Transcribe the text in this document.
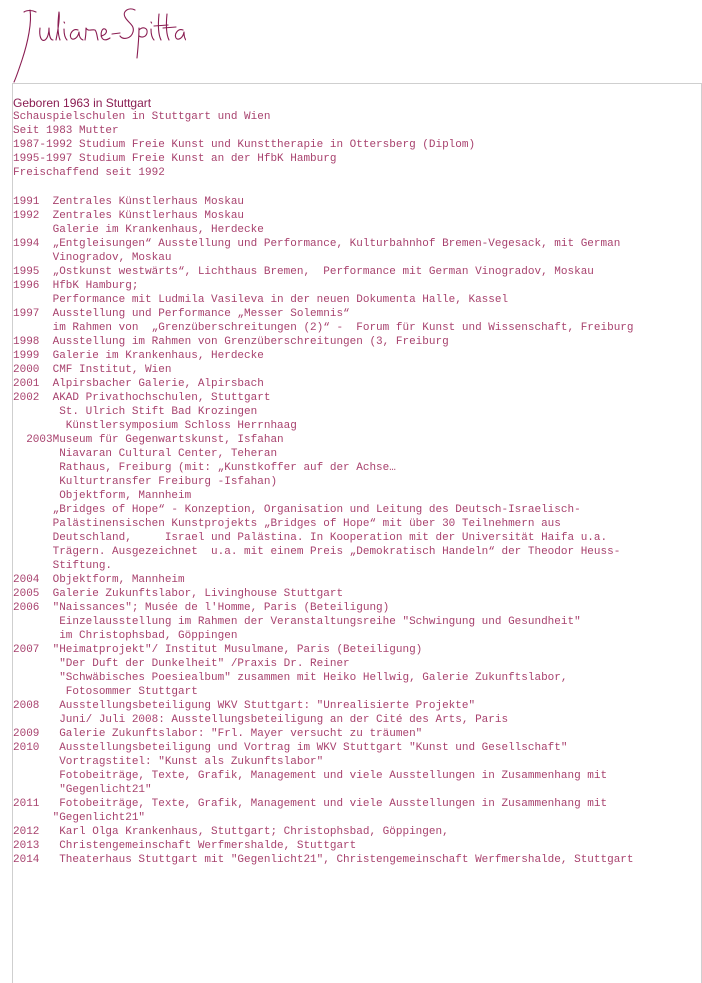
Geboren 1963 in Stuttgart

Schauspielschulen in Stuttgart und Wien
Seit 1983 Mutter
1987-1992 Studium Freie Kunst und Kunsttherapie in Ottersberg (Diplom)
1995-1997 Studium Freie Kunst an der HfbK Hamburg
Freischaffend seit 1992
1991  Zentrales Künstlerhaus Moskau
1992  Zentrales Künstlerhaus Moskau
Galerie im Krankenhaus, Herdecke
1994  „Entgleisungen“ Ausstellung und Performance, Kulturbahnhof Bremen-Vegesack, mit German
Vinogradov, Moskau
1995  „Ostkunst westwärts“, Lichthaus Bremen,  Performance mit German Vinogradov, Moskau
1996  HfbK Hamburg;
Performance mit Ludmila Vasileva in der neuen Dokumenta Halle, Kassel
1997  Ausstellung und Performance „Messer Solemnis“
im Rahmen von  „Grenzüberschreitungen (2)“ -  Forum für Kunst und Wissenschaft, Freiburg
1998  Ausstellung im Rahmen von Grenzüberschreitungen (3, Freiburg
1999  Galerie im Krankenhaus, Herdecke
2000  CMF Institut, Wien
2001  Alpirsbacher Galerie, Alpirsbach
2002  AKAD Privathochschulen, Stuttgart
St. Ulrich Stift Bad Krozingen
Künstlersymposium Schloss Herrnhaag
2003Museum für Gegenwartskunst, Isfahan
Niavaran Cultural Center, Teheran
Rathaus, Freiburg (mit: „Kunstkoffer auf der Achse…
Kulturtransfer Freiburg -Isfahan)
Objektform, Mannheim
„Bridges of Hope“ - Konzeption, Organisation und Leitung des Deutsch-Israelisch-
Palästinensischen Kunstprojekts „Bridges of Hope“ mit über 30 Teilnehmern aus
Deutschland,     Israel und Palästina. In Kooperation mit der Universität Haifa u.a.
Trägern. Ausgezeichnet  u.a. mit einem Preis „Demokratisch Handeln“ der Theodor Heuss-
Stiftung.
2004  Objektform, Mannheim
2005  Galerie Zukunftslabor, Livinghouse Stuttgart
2006  "Naissances"; Musée de l'Homme, Paris (Beteiligung)
Einzelausstellung im Rahmen der Veranstaltungsreihe "Schwingung und Gesundheit"
im Christophsbad, Göppingen
2007  "Heimatprojekt"/ Institut Musulmane, Paris (Beteiligung)
"Der Duft der Dunkelheit" /Praxis Dr. Reiner
"Schwäbisches Poesiealbum" zusammen mit Heiko Hellwig, Galerie Zukunftslabor,
Fotosommer Stuttgart
2008   Ausstellungsbeteiligung WKV Stuttgart: "Unrealisierte Projekte"
Juni/ Juli 2008: Ausstellungsbeteiligung an der Cité des Arts, Paris
2009   Galerie Zukunftslabor: "Frl. Mayer versucht zu träumen"
2010   Ausstellungsbeteiligung und Vortrag im WKV Stuttgart "Kunst und Gesellschaft"
Vortragstitel: "Kunst als Zukunftslabor"
Fotobeiträge, Texte, Grafik, Management und viele Ausstellungen in Zusammenhang mit
"Gegenlicht21"
2011   Fotobeiträge, Texte, Grafik, Management und viele Ausstellungen in Zusammenhang mit
"Gegenlicht21"
2012   Karl Olga Krankenhaus, Stuttgart; Christophsbad, Göppingen,
2013   Christengemeinschaft Werfmershalde, Stuttgart
2014   Theaterhaus Stuttgart mit "Gegenlicht21", Christengemeinschaft Werfmershalde, Stuttgart
